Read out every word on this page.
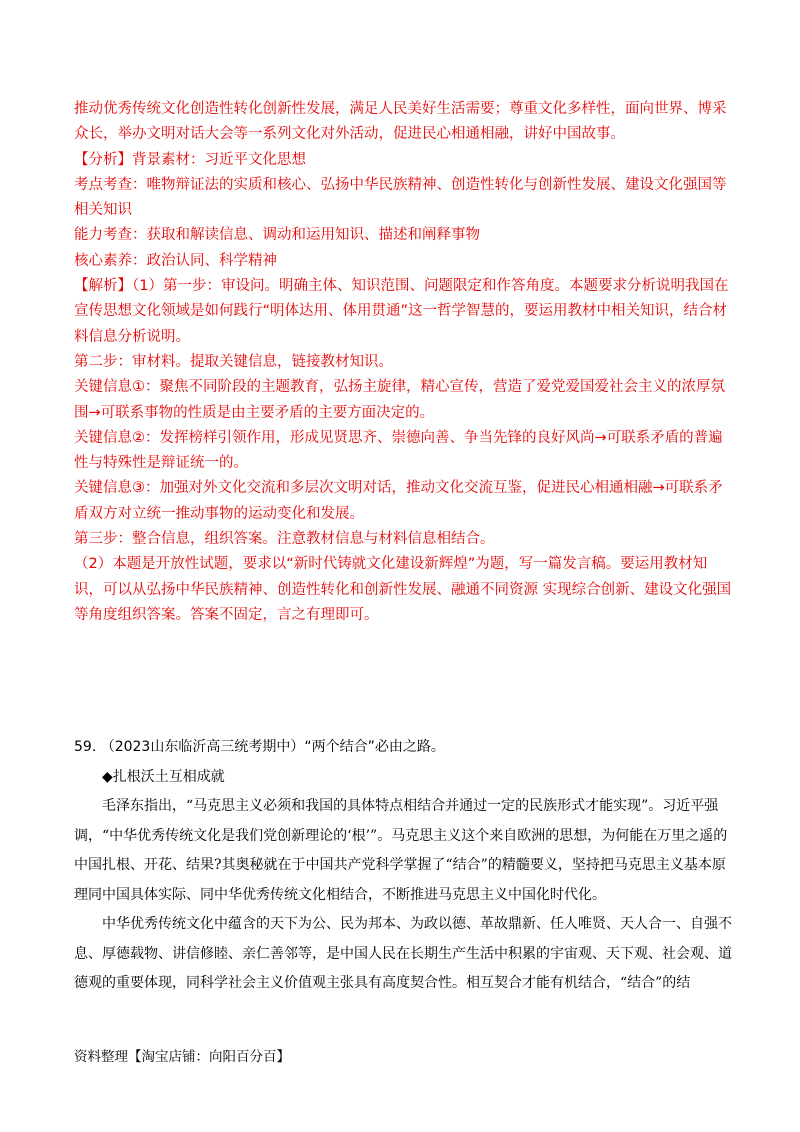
推动优秀传统文化创造性转化创新性发展，满足人民美好生活需要；尊重文化多样性，面向世界、博采众长，举办文明对话大会等一系列文化对外活动，促进民心相通相融，讲好中国故事。

【分析】背景素材：习近平文化思想

考点考查：唯物辩证法的实质和核心、弘扬中华民族精神、创造性转化与创新性发展、建设文化强国等相关知识

能力考查：获取和解读信息、调动和运用知识、描述和阐释事物

核心素养：政治认同、科学精神

【解析】（1）第一步：审设问。明确主体、知识范围、问题限定和作答角度。本题要求分析说明我国在宣传思想文化领域是如何践行“明体达用、体用贯通”这一哲学智慧的，要运用教材中相关知识，结合材料信息分析说明。

第二步：审材料。提取关键信息，链接教材知识。

关键信息①：聚焦不同阶段的主题教育，弘扬主旋律，精心宣传，营造了爱党爱国爱社会主义的浓厚氛围→可联系事物的性质是由主要矛盾的主要方面决定的。

关键信息②：发挥榜样引领作用，形成见贤思齐、崇德向善、争当先锋的良好风尚→可联系矛盾的普遍性与特殊性是辩证统一的。

关键信息③：加强对外文化交流和多层次文明对话，推动文化交流互鉴，促进民心相通相融→可联系矛盾双方对立统一推动事物的运动变化和发展。

第三步：整合信息，组织答案。注意教材信息与材料信息相结合。

（2）本题是开放性试题，要求以“新时代铸就文化建设新辉煌”为题，写一篇发言稿。要运用教材知识，可以从弘扬中华民族精神、创造性转化和创新性发展、融通不同资源 实现综合创新、建设文化强国等角度组织答案。答案不固定，言之有理即可。

59. （2023山东临沂高三统考期中）“两个结合”必由之路。

◆扎根沃土互相成就

毛泽东指出，“马克思主义必须和我国的具体特点相结合并通过一定的民族形式才能实现”。习近平强调，“中华优秀传统文化是我们党创新理论的‘根’”。马克思主义这个来自欧洲的思想，为何能在万里之遥的中国扎根、开花、结果?其奥秘就在于中国共产党科学掌握了“结合”的精髓要义，坚持把马克思主义基本原理同中国具体实际、同中华优秀传统文化相结合，不断推进马克思主义中国化时代化。

中华优秀传统文化中蕴含的天下为公、民为邦本、为政以德、革故鼎新、任人唯贤、天人合一、自强不息、厚德载物、讲信修睦、亲仁善邻等，是中国人民在长期生产生活中积累的宇宙观、天下观、社会观、道德观的重要体现，同科学社会主义价值观主张具有高度契合性。相互契合才能有机结合，“结合”的结

资料整理【淘宝店铺：向阳百分百】
